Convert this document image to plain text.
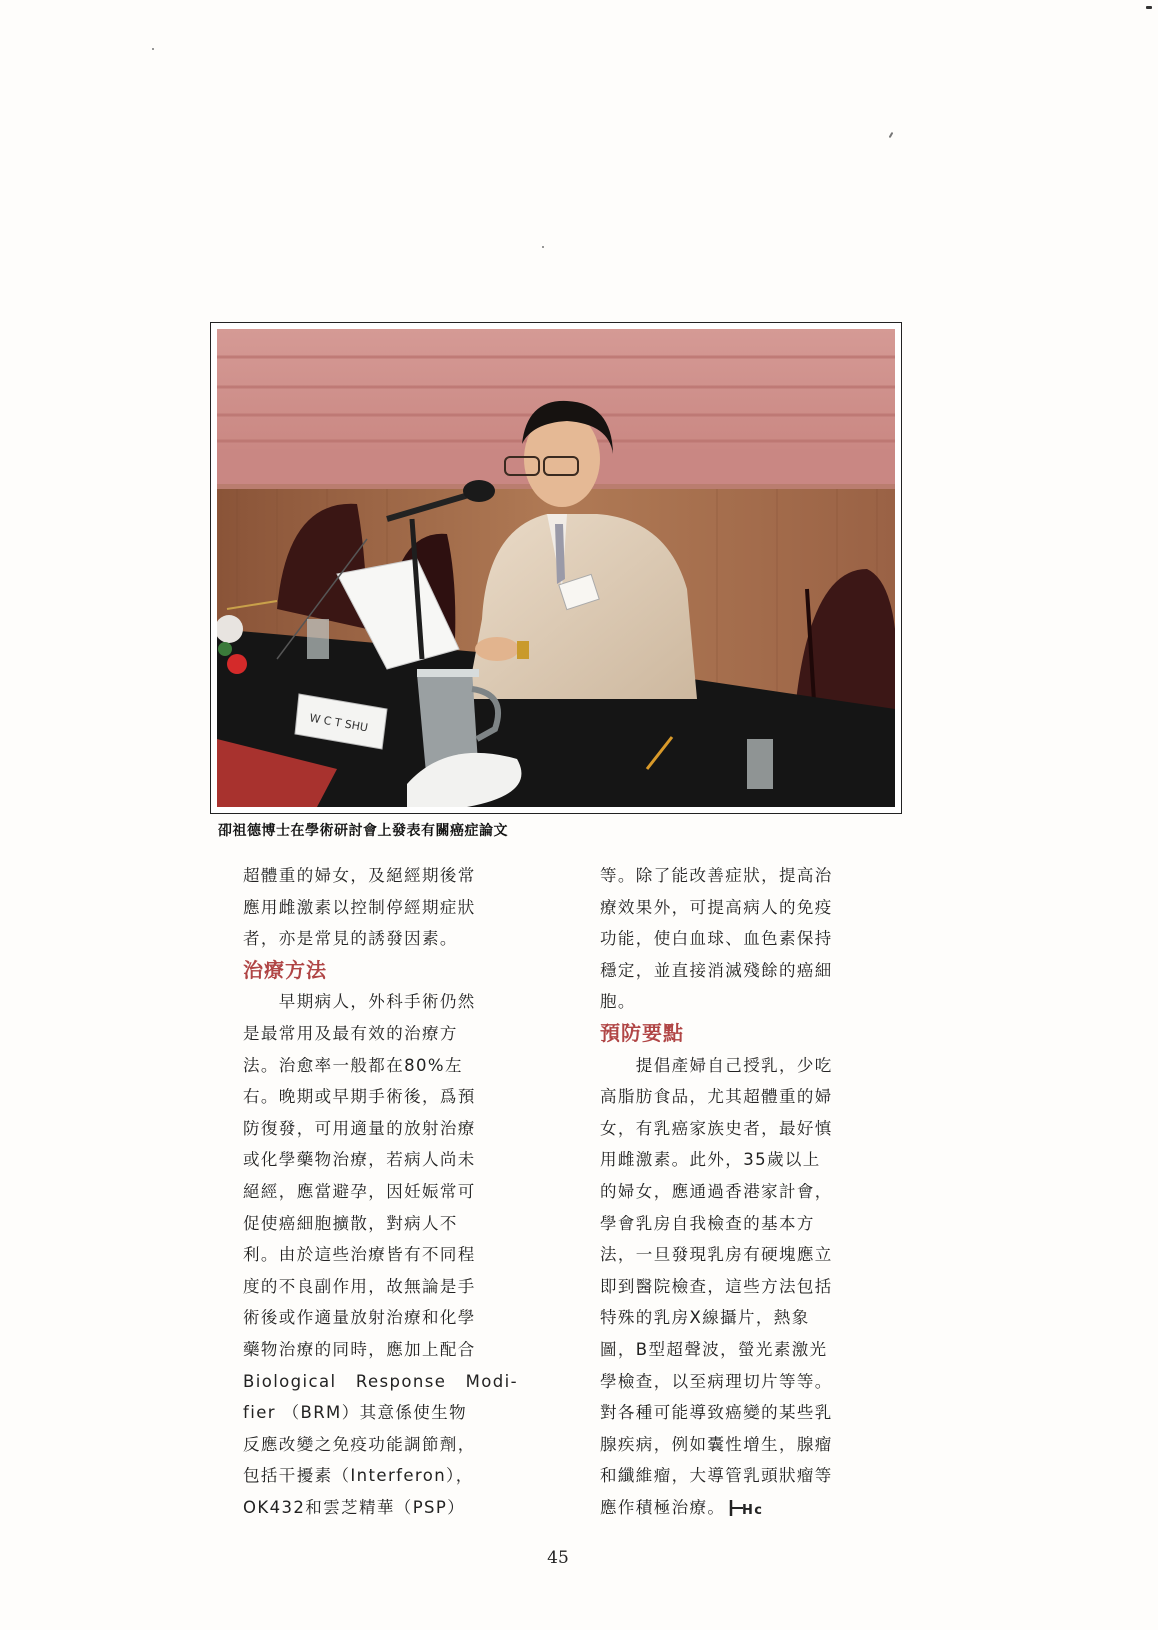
W C T SHU
卲祖德博士在學術研討會上發表有關癌症論文
超體重的婦女，及絕經期後常
應用雌激素以控制停經期症狀
者，亦是常見的誘發因素。
治療方法
　　早期病人，外科手術仍然
是最常用及最有效的治療方
法。治愈率一般都在80%左
右。晚期或早期手術後，爲預
防復發，可用適量的放射治療
或化學藥物治療，若病人尚未
絕經，應當避孕，因妊娠常可
促使癌細胞擴散，對病人不
利。由於這些治療皆有不同程
度的不良副作用，故無論是手
術後或作適量放射治療和化學
藥物治療的同時，應加上配合
Biological Response Modi-
fier （BRM）其意係使生物
反應改變之免疫功能調節劑，
包括干擾素（Interferon），
OK432和雲芝精華（PSP）
等。除了能改善症狀，提高治
療效果外，可提高病人的免疫
功能，使白血球、血色素保持
穩定，並直接消滅殘餘的癌細
胞。
預防要點
　　提倡產婦自己授乳，少吃
高脂肪食品，尤其超體重的婦
女，有乳癌家族史者，最好慎
用雌激素。此外，35歲以上
的婦女，應通過香港家計會，
學會乳房自我檢查的基本方
法，一旦發現乳房有硬塊應立
即到醫院檢查，這些方法包括
特殊的乳房X線攝片，熱象
圖，B型超聲波，螢光素激光
學檢查，以至病理切片等等。
對各種可能導致癌變的某些乳
腺疾病，例如囊性增生，腺瘤
和纖維瘤，大導管乳頭狀瘤等
應作積極治療。 Hc
45
